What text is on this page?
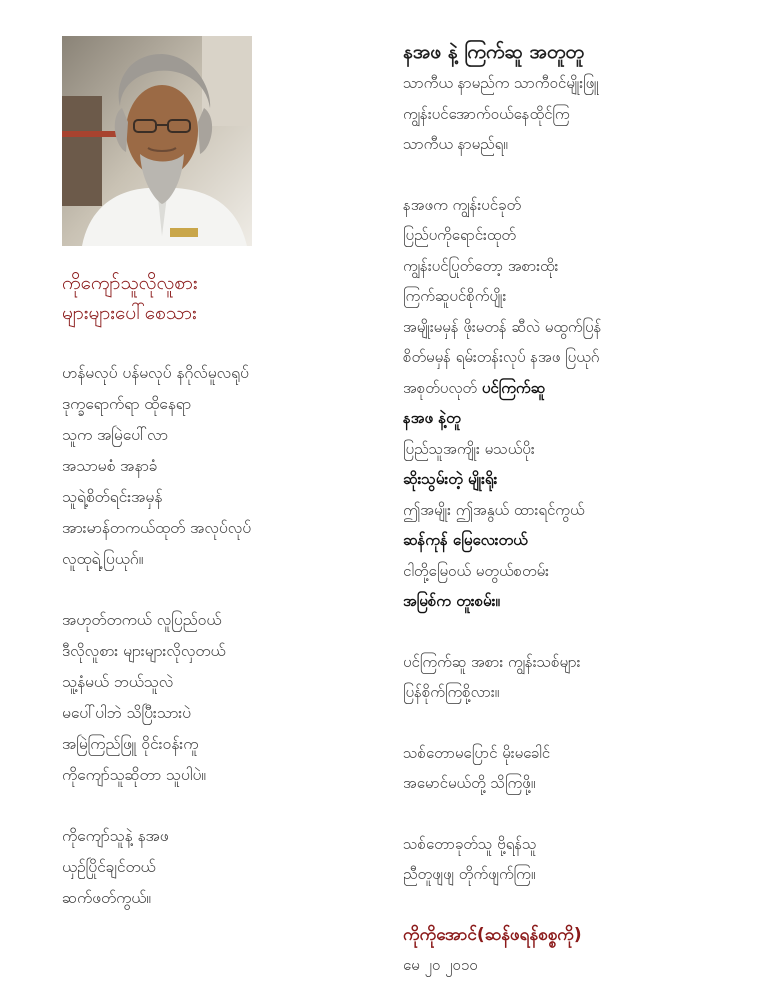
ကိုကျော်သူလိုလူစား

များများပေါ်စေသား

ဟန်မလုပ် ပန်မလုပ် နဂိုလ်မူလရုပ်
ဒုက္ခရောက်ရာ ထိုနေရာ
သူက အမြဲပေါ်လာ
အသာမစံ အနာခံ
သူရဲ့စိတ်ရင်းအမှန်
အားမာန်တကယ်ထုတ် အလုပ်လုပ်
လူထုရဲ့ပြယုဂ်။
အဟုတ်တကယ် လူပြည်ဝယ်
ဒီလိုလူစား များများလိုလှတယ်
သူ့နံမယ် ဘယ်သူလဲ
မပေါ်ပါဘဲ သိပြီးသားပဲ
အမြဲကြည်ဖြူ ဝိုင်းဝန်းကူ
ကိုကျော်သူဆိုတာ သူပါပဲ။
ကိုကျော်သူနဲ့ နအဖ
ယှဉ်ပြိုင်ချင်တယ်
ဆက်ဖတ်ကွယ်။

နအဖ နဲ့ ကြက်ဆူ အတူတူ

သာကီယ နာမည်က သာကီဝင်မျိုးဖြူ
ကျွန်းပင်အောက်ဝယ်နေထိုင်ကြ
သာကီယ နာမည်ရ။
နအဖက ကျွန်းပင်ခုတ်
ပြည်ပကိုရောင်းထုတ်
ကျွန်းပင်ပြုတ်တော့ အစားထိုး
ကြက်ဆူပင်စိုက်ပျိုး
အမျိုးမမှန် ဖိုးမတန် ဆီလဲ မထွက်ပြန်
စိတ်မမှန် ရမ်းတန်းလုပ် နအဖ ပြယုဂ်
အစုတ်ပလုတ် ပင်ကြက်ဆူ
နအဖ နဲ့တူ
ပြည်သူအကျိုး မသယ်ပိုး
ဆိုးသွမ်းတဲ့ မျိုးရိုး
ဤအမျိုး ဤအနွယ် ထားရင်ကွယ်
ဆန်ကုန် မြေလေးတယ်
ငါတို့မြေဝယ် မတွယ်စတမ်း
အမြစ်က တူးစမ်း။
ပင်ကြက်ဆူ အစား ကျွန်းသစ်များ
ပြန်စိုက်ကြစို့လား။
သစ်တောမပြောင် မိုးမခေါင်
အမောင်မယ်တို့ သိကြဖို့။
သစ်တောခုတ်သူ ဗို့ရန်သူ
ညီတူဖျဖျ တိုက်ဖျက်ကြ။
ကိုကိုအောင်(ဆန်ဖရန်စစ္စကို)
မေ ၂၀ ၂၀၁၀
